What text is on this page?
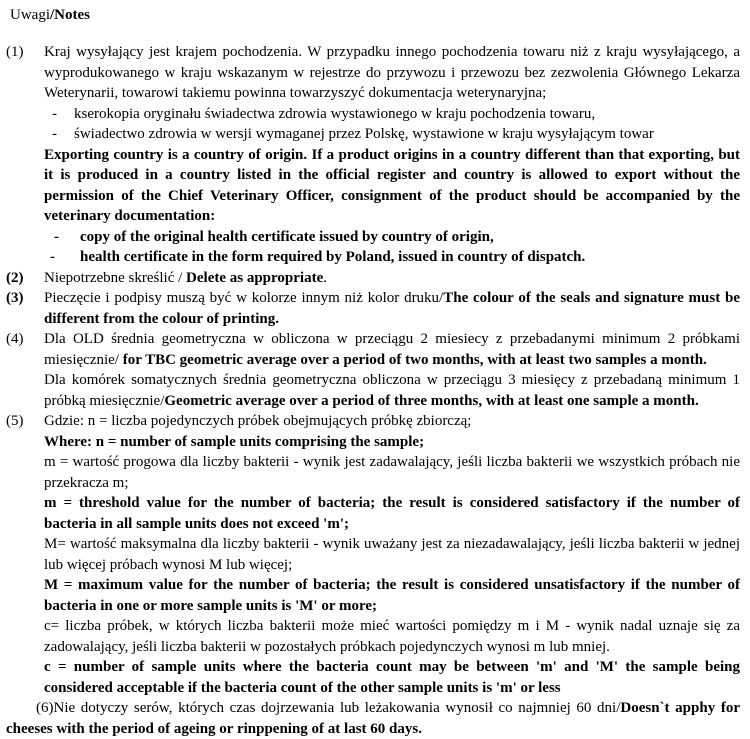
Uwagi/Notes
(1)	Kraj wysyłający jest krajem pochodzenia. W przypadku innego pochodzenia towaru niż z kraju wysyłającego, a wyprodukowanego w kraju wskazanym w rejestrze do przywozu i przewozu bez zezwolenia Głównego Lekarza Weterynarii, towarowi takiemu powinna towarzyszyć dokumentacja weterynaryjna;

- kserokopia oryginału świadectwa zdrowia wystawionego w kraju pochodzenia towaru,

- świadectwo zdrowia w wersji wymaganej przez Polskę, wystawione w kraju wysyłającym towar

Exporting country is a country of origin. If a product origins in a country different than that exporting, but it is produced in a country listed in the official register and country is allowed to export without the permission of the Chief Veterinary Officer, consignment of the product should be accompanied by the veterinary documentation:

- copy of the original health certificate issued by country of origin,

- health certificate in the form required by Poland, issued in country of dispatch.

(2)	Niepotrzebne skreślić / Delete as appropriate.

(3)	Pieczęcie i podpisy muszą być w kolorze innym niż kolor druku/The colour of the seals and signature must be different from the colour of printing.

(4)	Dla OLD średnia geometryczna w obliczona w przeciągu 2 miesiecy z przebadanymi minimum 2 próbkami miesięcznie/ for TBC geometric average over a period of two months, with at least two samples a month.

Dla komórek somatycznych średnia geometryczna obliczona w przeciągu 3 miesięcy z przebadaną minimum 1 próbką miesięcznie/Geometric average over a period of three months, with at least one sample a month.

(5)	Gdzie: n = liczba pojedynczych próbek obejmujących próbkę zbiorczą;

Where: n = number of sample units comprising the sample;

m = wartość progowa dla liczby bakterii - wynik jest zadawalający, jeśli liczba bakterii we wszystkich próbach nie przekracza m;

m = threshold value for the number of bacteria; the result is considered satisfactory if the number of bacteria in all sample units does not exceed 'm';

M= wartość maksymalna dla liczby bakterii - wynik uważany jest za niezadawalający, jeśli liczba bakterii w jednej lub więcej próbach wynosi M lub więcej;

M = maximum value for the number of bacteria; the result is considered unsatisfactory if the number of bacteria in one or more sample units is 'M' or more;

c= liczba próbek, w których liczba bakterii może mieć wartości pomiędzy m i M - wynik nadal uznaje się za zadowalający, jeśli liczba bakterii w pozostałych próbkach pojedynczych wynosi m lub mniej.

c = number of sample units where the bacteria count may be between 'm' and 'M' the sample being considered acceptable if the bacteria count of the other sample units is 'm' or less

(6)Nie dotyczy serów, których czas dojrzewania lub leżakowania wynosił co najmniej 60 dni/Doesn`t apphy for cheeses with the period of ageing or rinppening of at last 60 days.
